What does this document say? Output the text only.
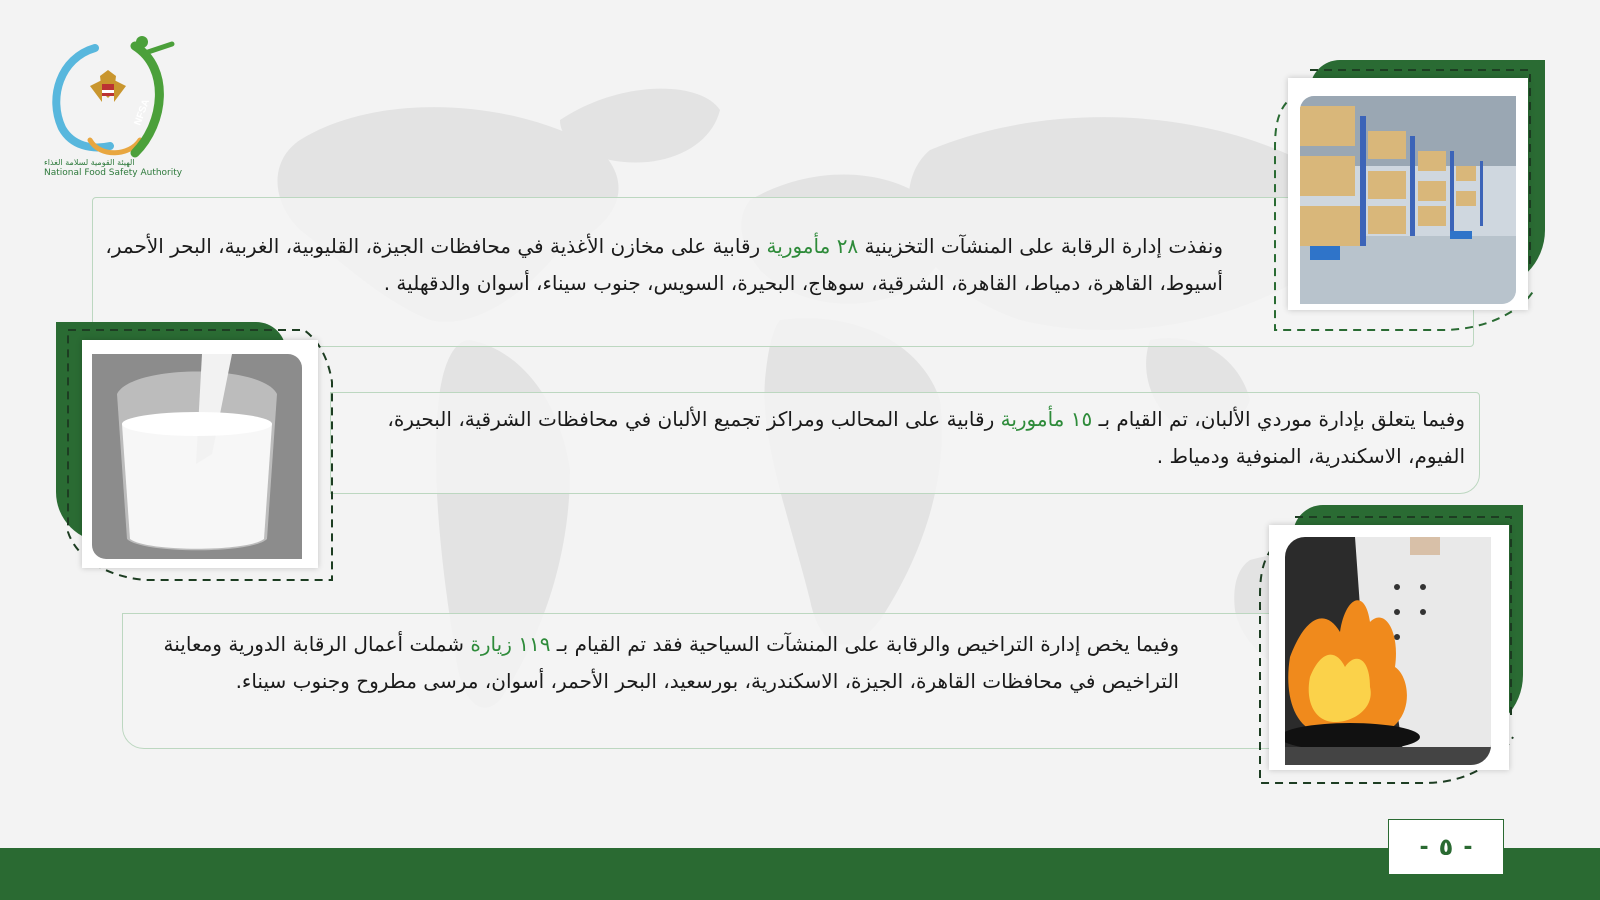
NFSA
الهيئة القومية لسلامة الغذاء
National Food Safety Authority

ونفذت إدارة الرقابة على المنشآت التخزينية ٢٨ مأمورية رقابية على مخازن الأغذية في محافظات الجيزة، القليوبية، الغربية، البحر الأحمر، أسيوط، القاهرة، دمياط، القاهرة، الشرقية، سوهاج، البحيرة، السويس، جنوب سيناء، أسوان والدقهلية .

وفيما يتعلق بإدارة موردي الألبان، تم القيام بـ ١٥ مأمورية رقابية على المحالب ومراكز تجميع الألبان في محافظات الشرقية، البحيرة، الفيوم، الاسكندرية، المنوفية ودمياط .

وفيما يخص إدارة التراخيص والرقابة على المنشآت السياحية فقد تم القيام بـ ١١٩ زيارة شملت أعمال الرقابة الدورية ومعاينة التراخيص في محافظات القاهرة، الجيزة، الاسكندرية، بورسعيد، البحر الأحمر، أسوان، مرسى مطروح وجنوب سيناء.

- ٥ -
